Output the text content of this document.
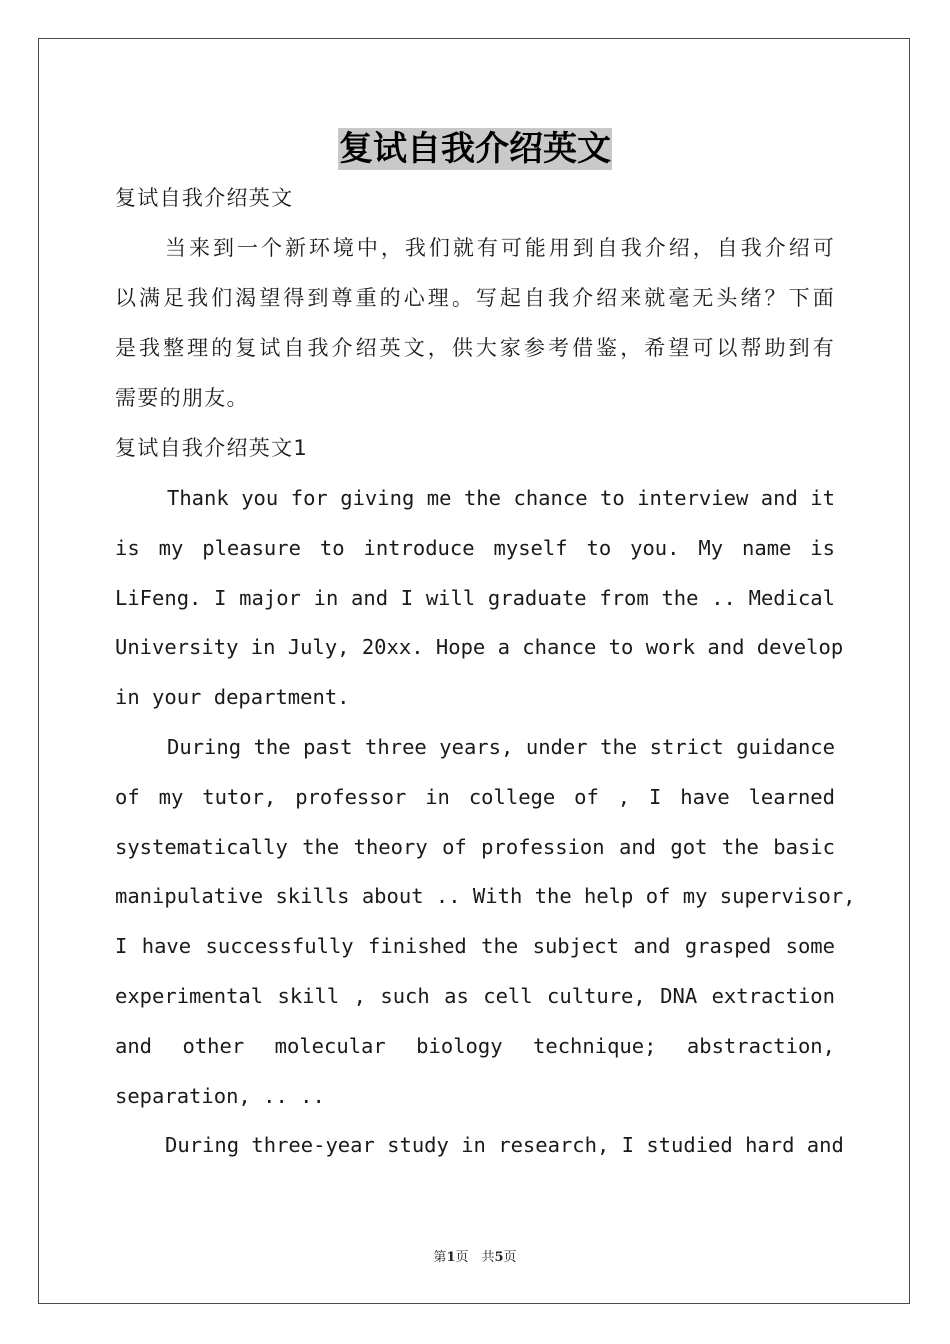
复试自我介绍英文
复试自我介绍英文
当来到一个新环境中，我们就有可能用到自我介绍，自我介绍可
以满足我们渴望得到尊重的心理。写起自我介绍来就毫无头绪？下面
是我整理的复试自我介绍英文，供大家参考借鉴，希望可以帮助到有
需要的朋友。
复试自我介绍英文1
Thank you for giving me the chance to interview and it
is my pleasure to introduce myself to you. My name is
LiFeng. I major in and I will graduate from the .. Medical
University in July, 20xx. Hope a chance to work and develop
in your department.
During the past three years, under the strict guidance
of my tutor, professor in college of , I have learned
systematically the theory of profession and got the basic
manipulative skills about .. With the help of my supervisor,
I have successfully finished the subject and grasped some
experimental skill , such as cell culture, DNA extraction
and other molecular biology technique; abstraction,
separation, .. ..
During three-year study in research, I studied hard and
第1页　共5页
